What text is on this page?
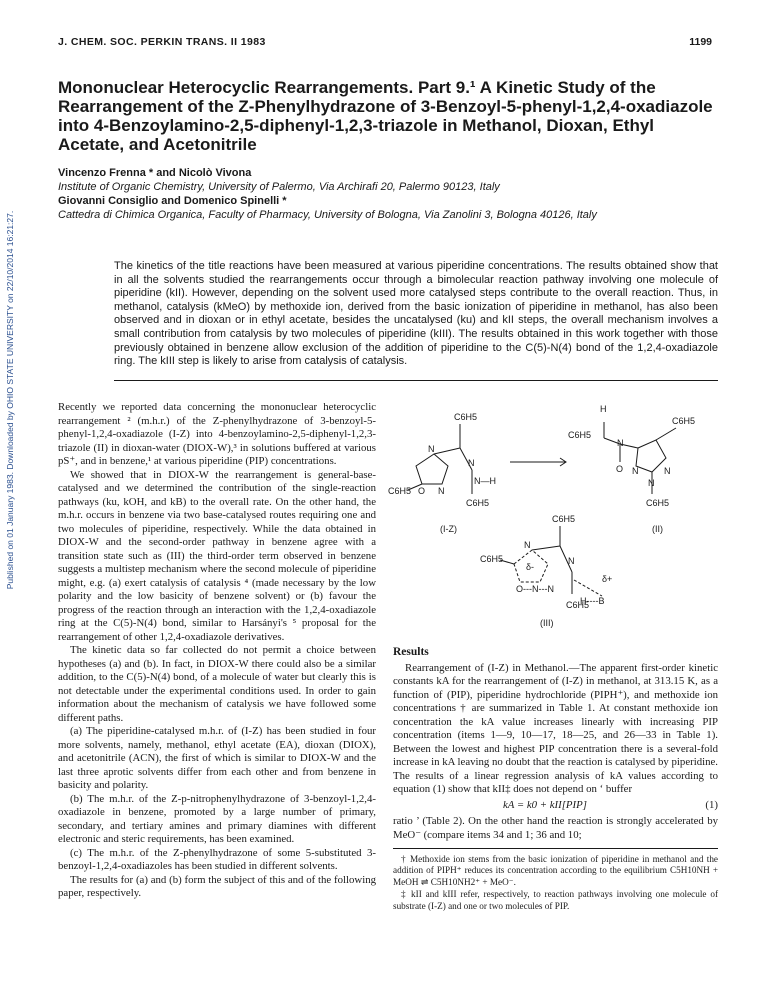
Published on 01 January 1983. Downloaded by OHIO STATE UNIVERSITY on 22/10/2014 16:21:27.
J. CHEM. SOC. PERKIN TRANS. II 1983	1199
Mononuclear Heterocyclic Rearrangements. Part 9.¹ A Kinetic Study of the Rearrangement of the Z-Phenylhydrazone of 3-Benzoyl-5-phenyl-1,2,4-oxadiazole into 4-Benzoylamino-2,5-diphenyl-1,2,3-triazole in Methanol, Dioxan, Ethyl Acetate, and Acetonitrile
Vincenzo Frenna * and Nicolò Vivona
Institute of Organic Chemistry, University of Palermo, Via Archirafi 20, Palermo 90123, Italy
Giovanni Consiglio and Domenico Spinelli *
Cattedra di Chimica Organica, Faculty of Pharmacy, University of Bologna, Via Zanolini 3, Bologna 40126, Italy

The kinetics of the title reactions have been measured at various piperidine concentrations. The results obtained show that in all the solvents studied the rearrangements occur through a bimolecular reaction pathway involving one molecule of piperidine (kII). However, depending on the solvent used more catalysed steps contribute to the overall reaction. Thus, in methanol, catalysis (kMeO) by methoxide ion, derived from the basic ionization of piperidine in methanol, has also been observed and in dioxan or in ethyl acetate, besides the uncatalysed (ku) and kII steps, the overall mechanism involves a small contribution from catalysis by two molecules of piperidine (kIII). The results obtained in this work together with those previously obtained in benzene allow exclusion of the addition of piperidine to the C(5)-N(4) bond of the 1,2,4-oxadiazole ring. The kIII step is likely to arise from catalysis of catalysis.

Recently we reported data concerning the mononuclear heterocyclic rearrangement ² (m.h.r.) of the Z-phenylhydrazone of 3-benzoyl-5-phenyl-1,2,4-oxadiazole (I-Z) into 4-benzoylamino-2,5-diphenyl-1,2,3-triazole (II) in dioxan-water (DIOX-W),³ in solutions buffered at various pS⁺, and in benzene,¹ at various piperidine (PIP) concentrations.

We showed that in DIOX-W the rearrangement is general-base-catalysed and we determined the contribution of the single-reaction pathways (ku, kOH, and kB) to the overall rate. On the other hand, the m.h.r. occurs in benzene via two base-catalysed routes requiring one and two molecules of piperidine, respectively. While the data obtained in DIOX-W and the second-order pathway in benzene agree with a transition state such as (III) the third-order term observed in benzene suggests a multistep mechanism where the second molecule of piperidine might, e.g. (a) exert catalysis of catalysis ⁴ (made necessary by the low polarity and the low basicity of benzene solvent) or (b) favour the progress of the reaction through an interaction with the 1,2,4-oxadiazole ring at the C(5)-N(4) bond, similar to Harsányi's ⁵ proposal for the rearrangement of other 1,2,4-oxadiazole derivatives.

The kinetic data so far collected do not permit a choice between hypotheses (a) and (b). In fact, in DIOX-W there could also be a similar addition, to the C(5)-N(4) bond, of a molecule of water but clearly this is not detectable under the experimental conditions used. In order to gain information about the mechanism of catalysis we have followed some different paths.

(a) The piperidine-catalysed m.h.r. of (I-Z) has been studied in four more solvents, namely, methanol, ethyl acetate (EA), dioxan (DIOX), and acetonitrile (ACN), the first of which is similar to DIOX-W and the last three aprotic solvents differ from each other and from benzene in basicity and polarity.

(b) The m.h.r. of the Z-p-nitrophenylhydrazone of 3-benzoyl-1,2,4-oxadiazole in benzene, promoted by a large number of primary, secondary, and tertiary amines and primary diamines with different electronic and steric requirements, has been examined.

(c) The m.h.r. of the Z-phenylhydrazone of some 5-substituted 3-benzoyl-1,2,4-oxadiazoles has been studied in different solvents.

The results for (a) and (b) form the subject of this and of the following paper, respectively.

C6H5
N
N
N—H
N
O
C6H5
C6H5
(I-Z)
H
C6H5
N
O N	N
N
C6H5
C6H5
(II)
C6H5
C6H5
N
δ-
N
O---N---N
C6H5
δ+
H----B
(III)
Results

Rearrangement of (I-Z) in Methanol.—The apparent first-order kinetic constants kA for the rearrangement of (I-Z) in methanol, at 313.15 K, as a function of (PIP), piperidine hydrochloride (PIPH⁺), and methoxide ion concentrations † are summarized in Table 1. At constant methoxide ion concentration the kA value increases linearly with increasing PIP concentration (items 1—9, 10—17, 18—25, and 26—33 in Table 1). Between the lowest and highest PIP concentration there is a several-fold increase in kA leaving no doubt that the reaction is catalysed by piperidine. The results of a linear regression analysis of kA values according to equation (1) show that kII‡ does not depend on ‘ buffer

kA = k0 + kII[PIP]	(1)

ratio ’ (Table 2). On the other hand the reaction is strongly accelerated by MeO⁻ (compare items 34 and 1; 36 and 10;

† Methoxide ion stems from the basic ionization of piperidine in methanol and the addition of PIPH⁺ reduces its concentration according to the equilibrium C5H10NH + MeOH ⇌ C5H10NH2⁺ + MeO⁻.

‡ kII and kIII refer, respectively, to reaction pathways involving one molecule of substrate (I-Z) and one or two molecules of PIP.
